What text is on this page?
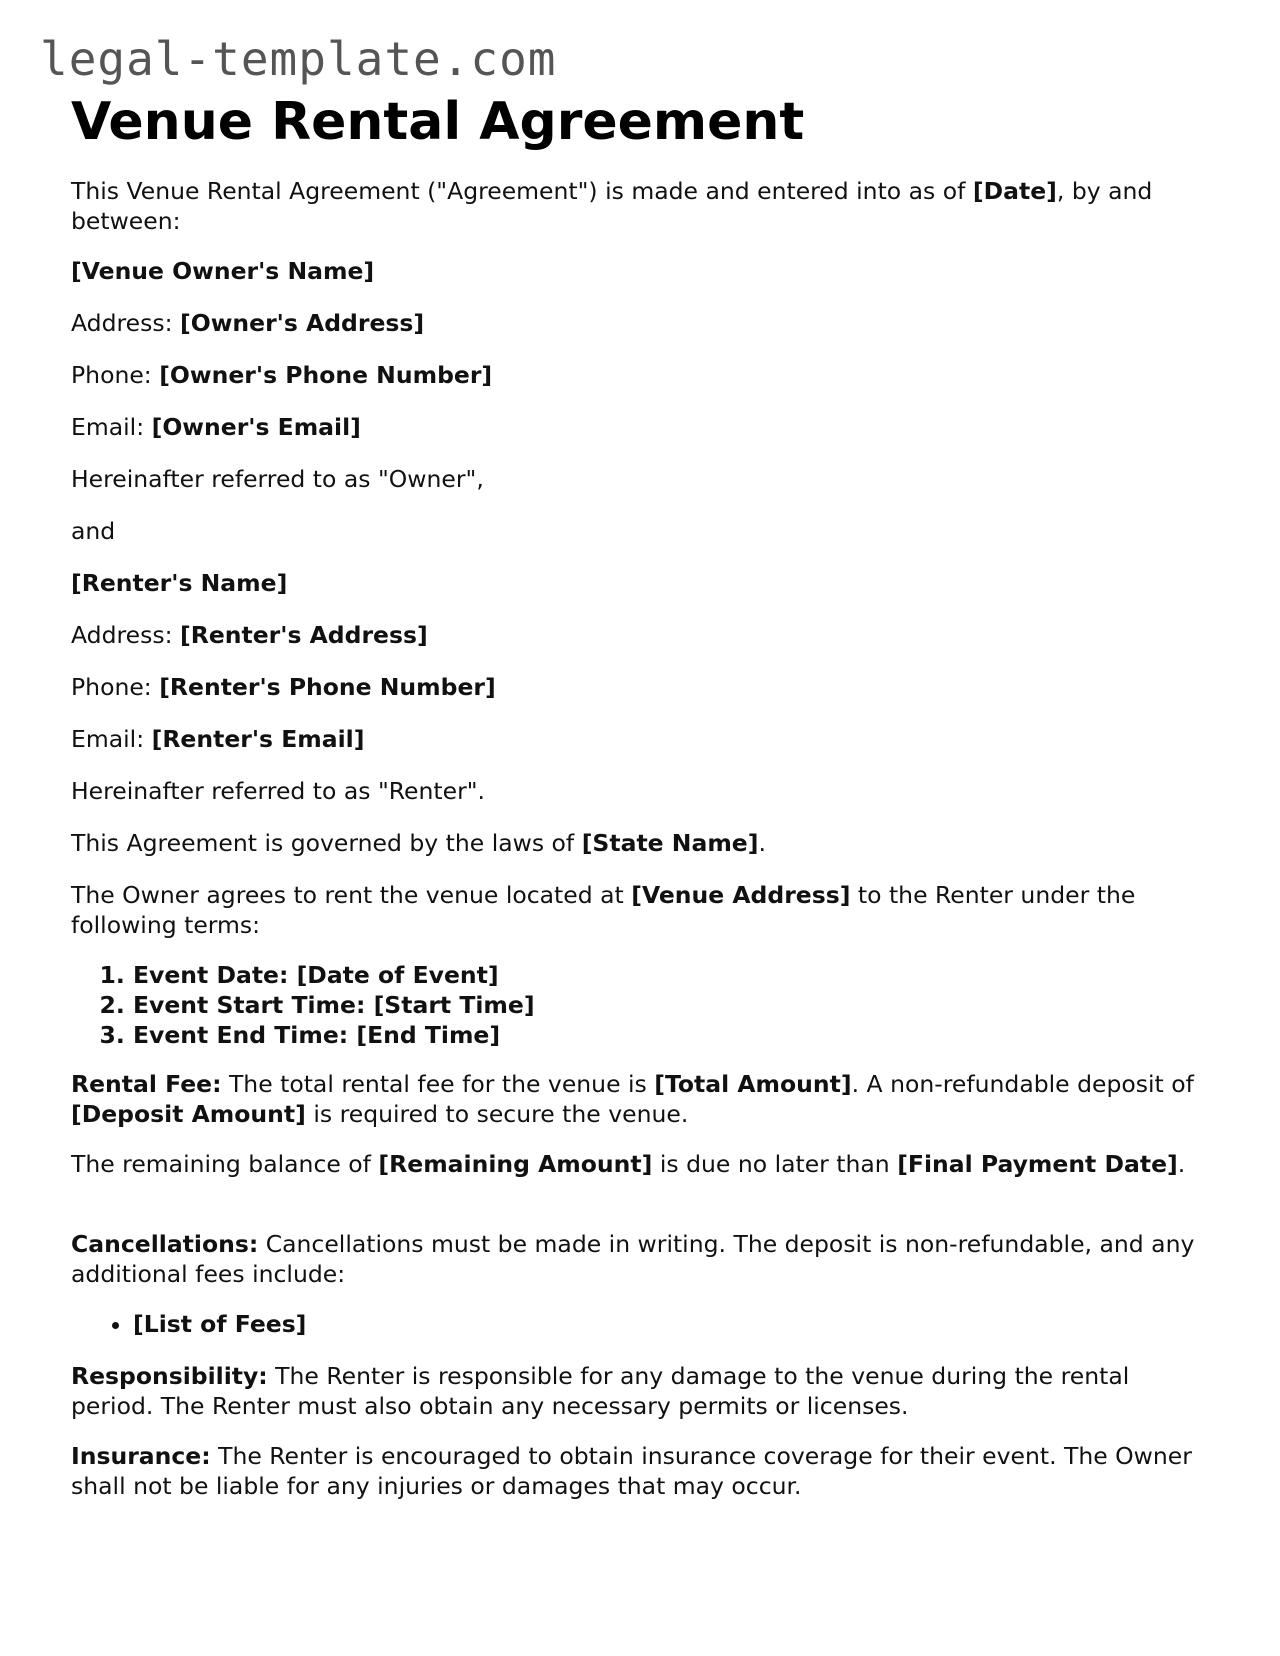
legal-template.com
Venue Rental Agreement

This Venue Rental Agreement ("Agreement") is made and entered into as of [Date], by and between:

[Venue Owner's Name]

Address: [Owner's Address]

Phone: [Owner's Phone Number]

Email: [Owner's Email]

Hereinafter referred to as "Owner",

and

[Renter's Name]

Address: [Renter's Address]

Phone: [Renter's Phone Number]

Email: [Renter's Email]

Hereinafter referred to as "Renter".

This Agreement is governed by the laws of [State Name].

The Owner agrees to rent the venue located at [Venue Address] to the Renter under the following terms:

1. Event Date: [Date of Event]
2. Event Start Time: [Start Time]
3. Event End Time: [End Time]

Rental Fee: The total rental fee for the venue is [Total Amount]. A non-refundable deposit of [Deposit Amount] is required to secure the venue.

The remaining balance of [Remaining Amount] is due no later than [Final Payment Date].

Cancellations: Cancellations must be made in writing. The deposit is non-refundable, and any additional fees include:

• [List of Fees]

Responsibility: The Renter is responsible for any damage to the venue during the rental period. The Renter must also obtain any necessary permits or licenses.

Insurance: The Renter is encouraged to obtain insurance coverage for their event. The Owner shall not be liable for any injuries or damages that may occur.
